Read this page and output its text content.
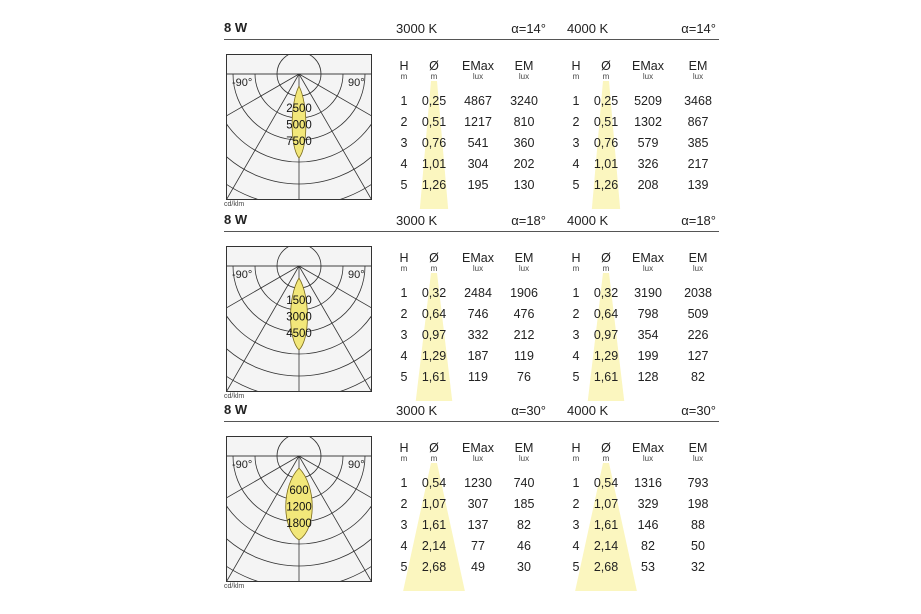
8 W	3000 K	α=14° 4000 K	α=14°
-90°	90°
2500
5000
7500
cd/klm
H
m
Ø
m
EMax
lux
EM
lux
1	0,25	4867	3240
2	0,51	1217	810
3	0,76	541	360
4	1,01	304	202
5	1,26	195	130
H
m
Ø
m
EMax
lux
EM
lux
1	0,25	5209	3468
2	0,51	1302	867
3	0,76	579	385
4	1,01	326	217
5	1,26	208	139
8 W	3000 K	α=18° 4000 K	α=18°
-90°	90°
1500
3000
4500
cd/klm
H
m
Ø
m
EMax
lux
EM
lux
1	0,32	2484	1906
2	0,64	746	476
3	0,97	332	212
4	1,29	187	119
5	1,61	119	76
H
m
Ø
m
EMax
lux
EM
lux
1	0,32	3190	2038
2	0,64	798	509
3	0,97	354	226
4	1,29	199	127
5	1,61	128	82
8 W	3000 K	α=30° 4000 K	α=30°
-90°	90°
600
1200
1800
cd/klm
H
m
Ø
m
EMax
lux
EM
lux
1	0,54	1230	740
2	1,07	307	185
3	1,61	137	82
4	2,14	77	46
5	2,68	49	30
H
m
Ø
m
EMax
lux
EM
lux
1	0,54	1316	793
2	1,07	329	198
3	1,61	146	88
4	2,14	82	50
5	2,68	53	32
